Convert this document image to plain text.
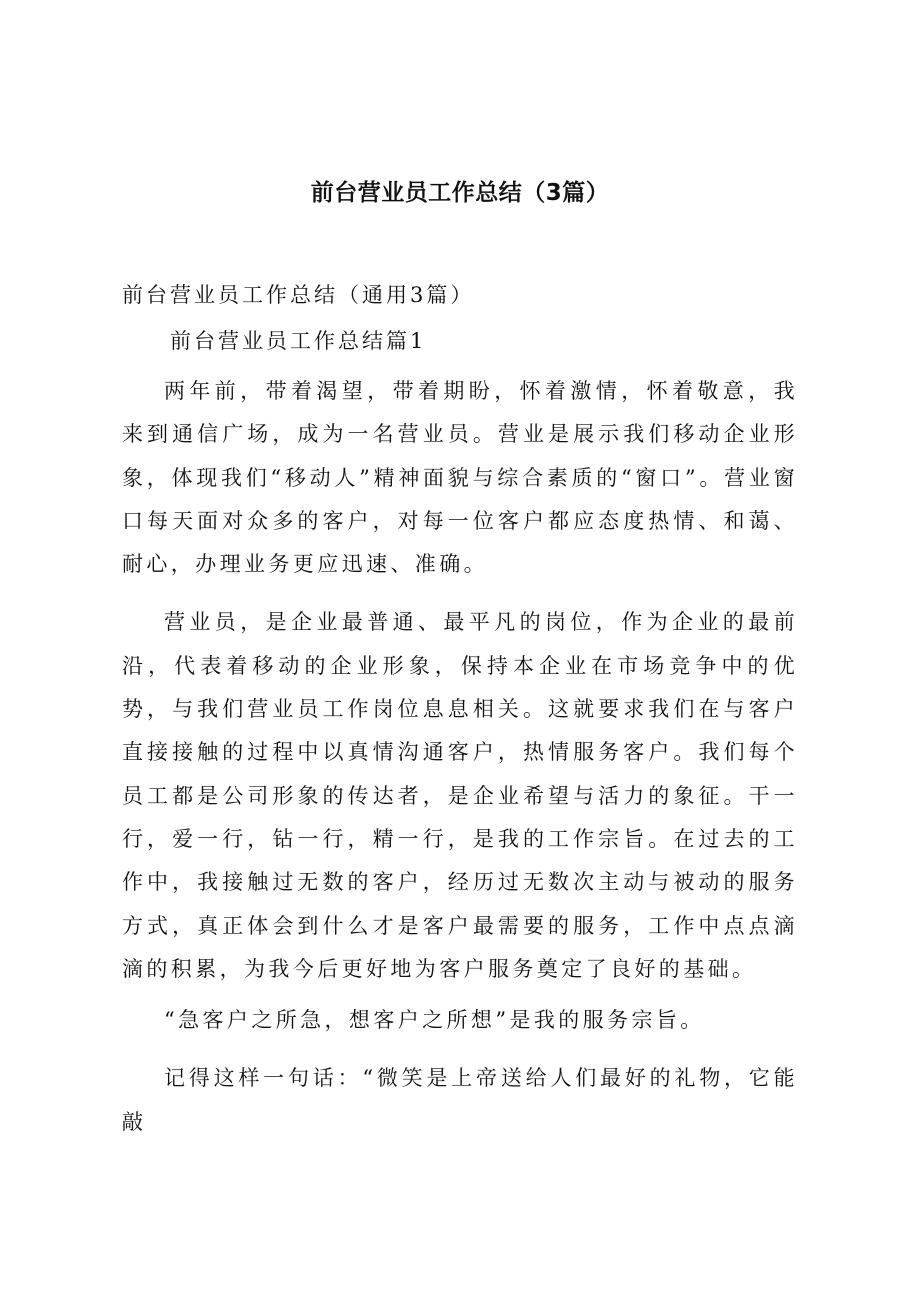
前台营业员工作总结（3篇）
前台营业员工作总结（通用3篇）
前台营业员工作总结篇1

两年前，带着渴望，带着期盼，怀着激情，怀着敬意，我来到通信广场，成为一名营业员。营业是展示我们移动企业形象，体现我们“移动人”精神面貌与综合素质的“窗口”。营业窗口每天面对众多的客户，对每一位客户都应态度热情、和蔼、耐心，办理业务更应迅速、准确。

营业员，是企业最普通、最平凡的岗位，作为企业的最前沿，代表着移动的企业形象，保持本企业在市场竞争中的优势，与我们营业员工作岗位息息相关。这就要求我们在与客户直接接触的过程中以真情沟通客户，热情服务客户。我们每个员工都是公司形象的传达者，是企业希望与活力的象征。干一行，爱一行，钻一行，精一行，是我的工作宗旨。在过去的工作中，我接触过无数的客户，经历过无数次主动与被动的服务方式，真正体会到什么才是客户最需要的服务，工作中点点滴滴的积累，为我今后更好地为客户服务奠定了良好的基础。

“急客户之所急，想客户之所想”是我的服务宗旨。

记得这样一句话：“微笑是上帝送给人们最好的礼物，它能敲
